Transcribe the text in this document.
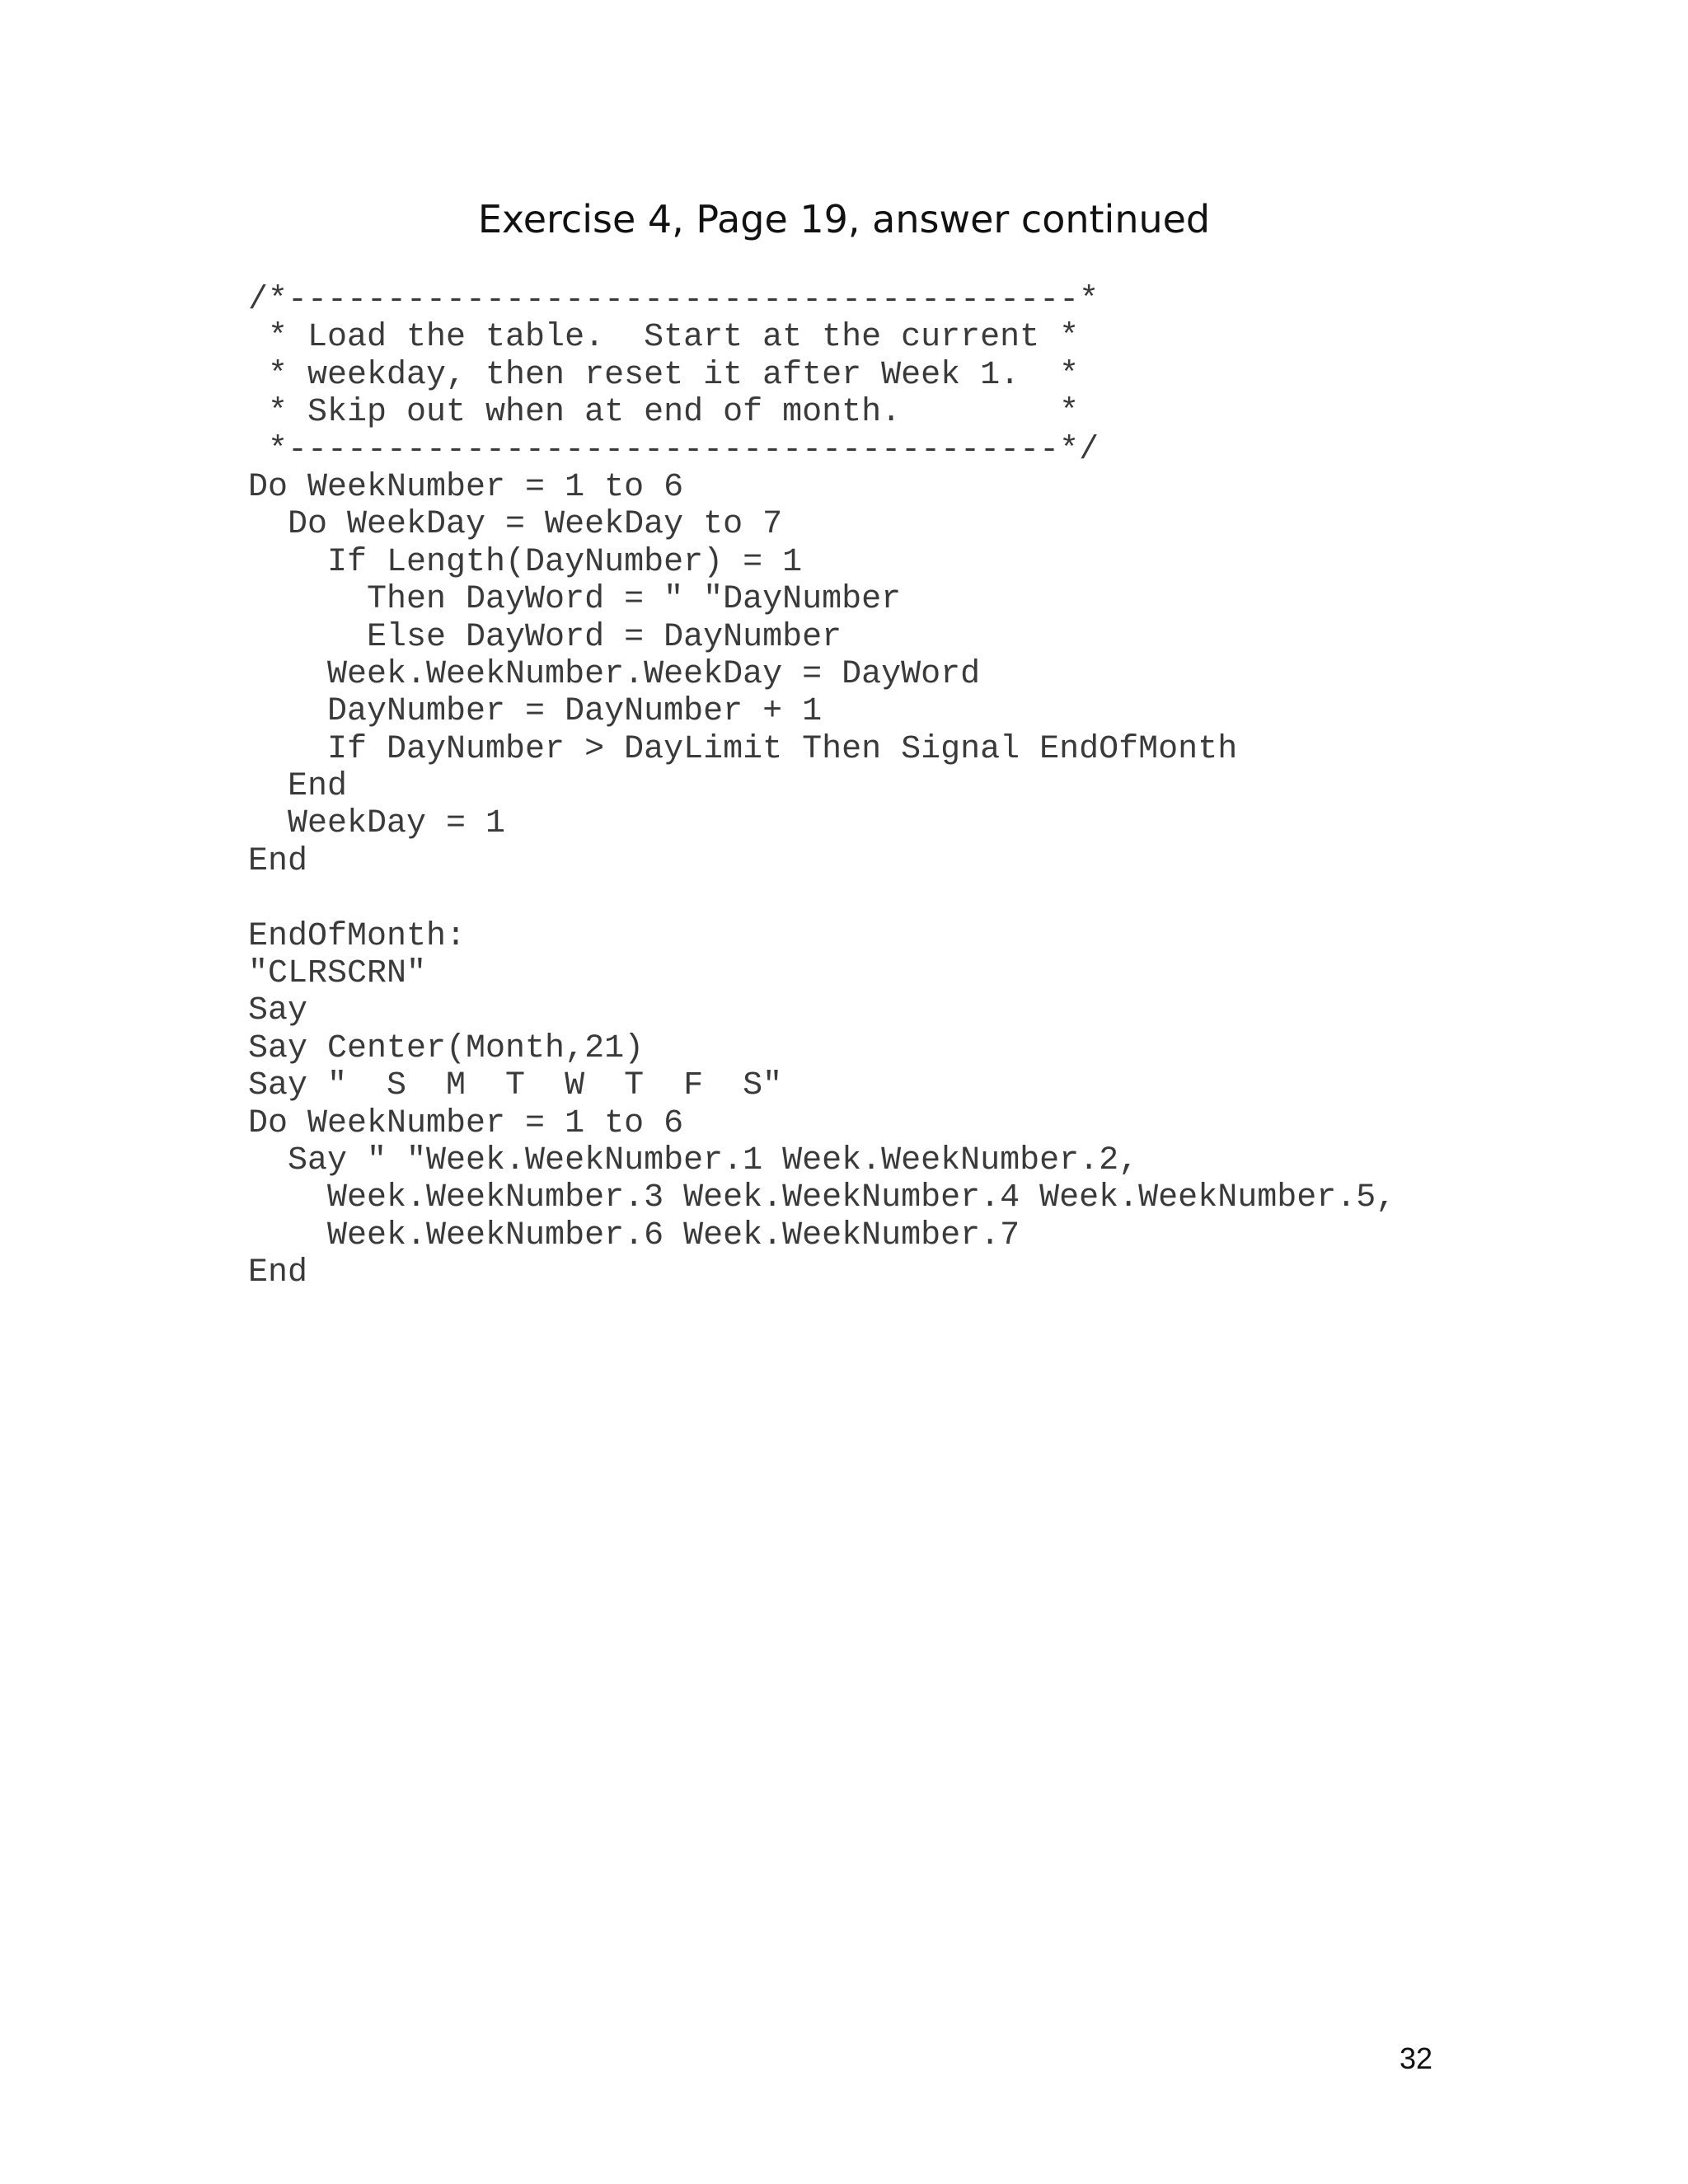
Exercise 4, Page 19, answer continued
/*----------------------------------------*
* Load the table.  Start at the current *
* weekday, then reset it after Week 1.  *
* Skip out when at end of month.        *
*---------------------------------------*/
Do WeekNumber = 1 to 6
Do WeekDay = WeekDay to 7
If Length(DayNumber) = 1
Then DayWord = " "DayNumber
Else DayWord = DayNumber
Week.WeekNumber.WeekDay = DayWord
DayNumber = DayNumber + 1
If DayNumber > DayLimit Then Signal EndOfMonth
End
WeekDay = 1
End
EndOfMonth:
"CLRSCRN"
Say
Say Center(Month,21)
Say "  S  M  T  W  T  F  S"
Do WeekNumber = 1 to 6
Say " "Week.WeekNumber.1 Week.WeekNumber.2,
Week.WeekNumber.3 Week.WeekNumber.4 Week.WeekNumber.5,
Week.WeekNumber.6 Week.WeekNumber.7
End
32
